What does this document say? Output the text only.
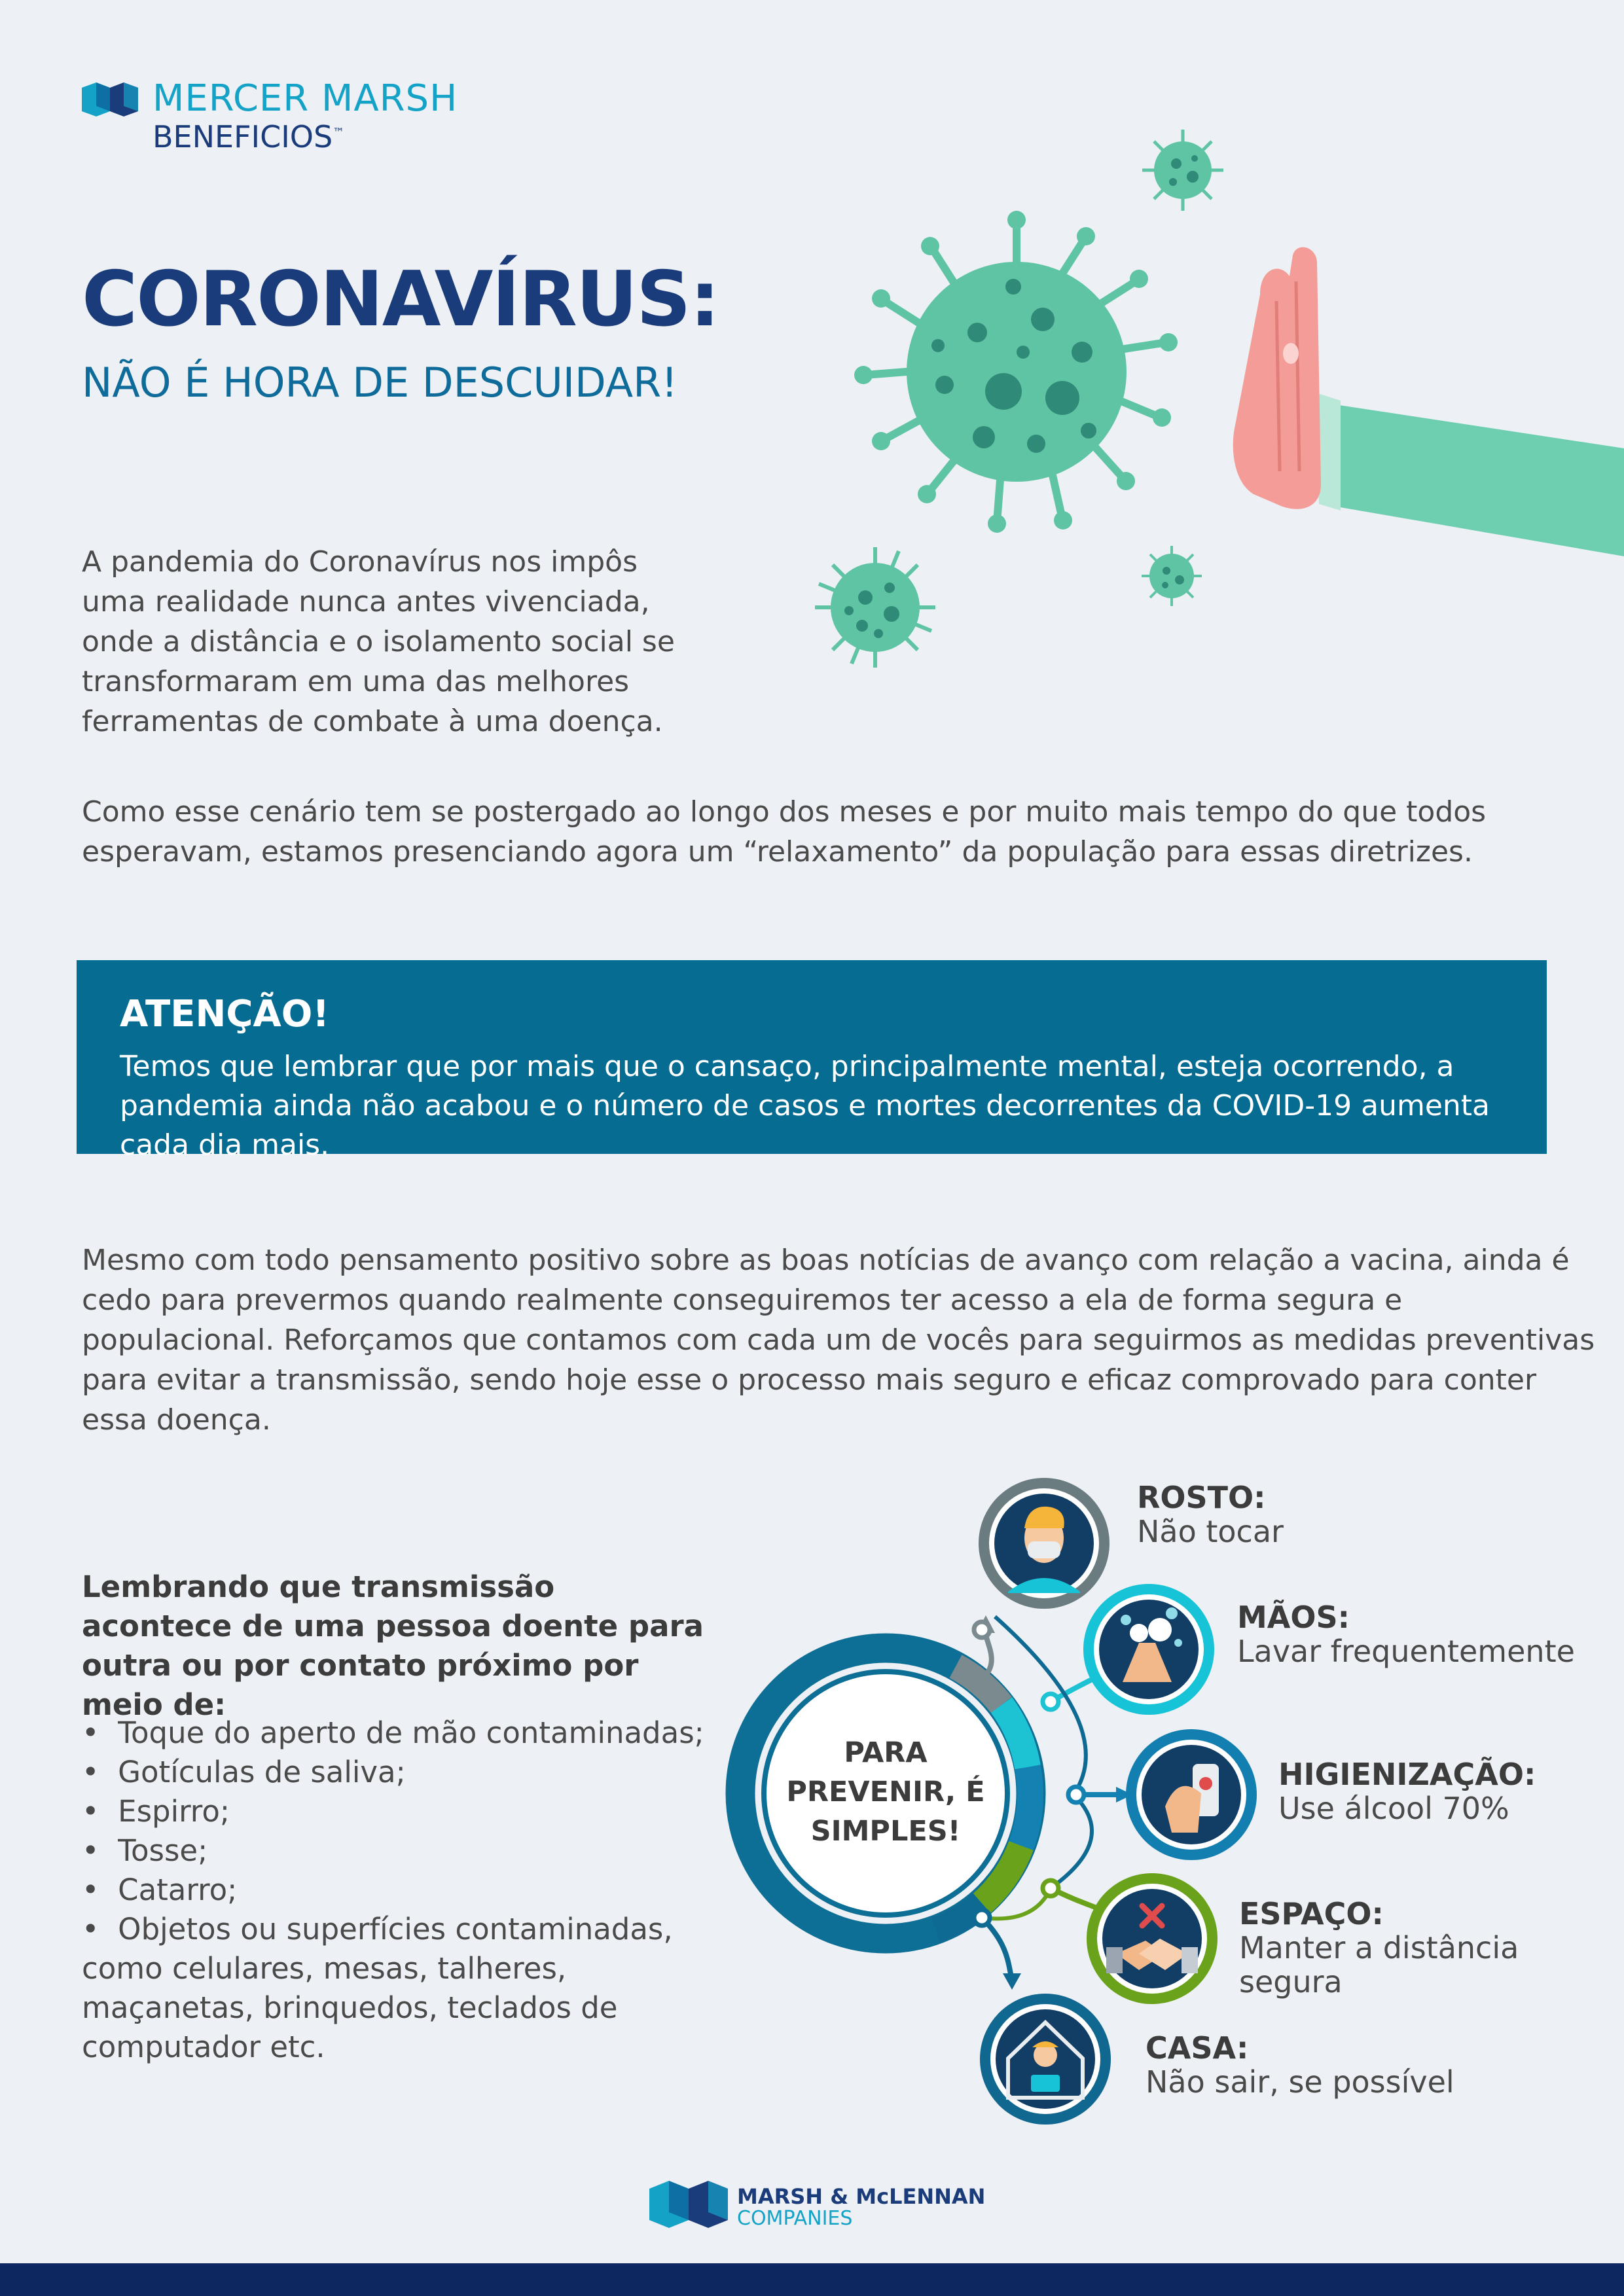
MERCER MARSH
BENEFICIOS™
CORONAVÍRUS:
NÃO É HORA DE DESCUIDAR!

A pandemia do Coronavírus nos impôs uma realidade nunca antes vivenciada, onde a distância e o isolamento social se transformaram em uma das melhores ferramentas de combate à uma doença.

Como esse cenário tem se postergado ao longo dos meses e por muito mais tempo do que todos esperavam, estamos presenciando agora um “relaxamento” da população para essas diretrizes.

ATENÇÃO!
Temos que lembrar que por mais que o cansaço, principalmente mental, esteja ocorrendo, a pandemia ainda não acabou e o número de casos e mortes decorrentes da COVID-19 aumenta cada dia mais.

Mesmo com todo pensamento positivo sobre as boas notícias de avanço com relação a vacina, ainda é cedo para prevermos quando realmente conseguiremos ter acesso a ela de forma segura e populacional. Reforçamos que contamos com cada um de vocês para seguirmos as medidas preventivas para evitar a transmissão, sendo hoje esse o processo mais seguro e eficaz comprovado para conter essa doença.

Lembrando que transmissão acontece de uma pessoa doente para outra ou por contato próximo por meio de:
•  Toque do aperto de mão contaminadas;
•  Gotículas de saliva;
•  Espirro;
•  Tosse;
•  Catarro;
•  Objetos ou superfícies contaminadas, como celulares, mesas, talheres, maçanetas, brinquedos, teclados de computador etc.
PARA PREVENIR, É SIMPLES!
ROSTO:
Não tocar
MÃOS:
Lavar frequentemente
HIGIENIZAÇÃO:
Use álcool 70%
ESPAÇO:
Manter a distância segura
CASA:
Não sair, se possível
MARSH & McLENNAN
COMPANIES
